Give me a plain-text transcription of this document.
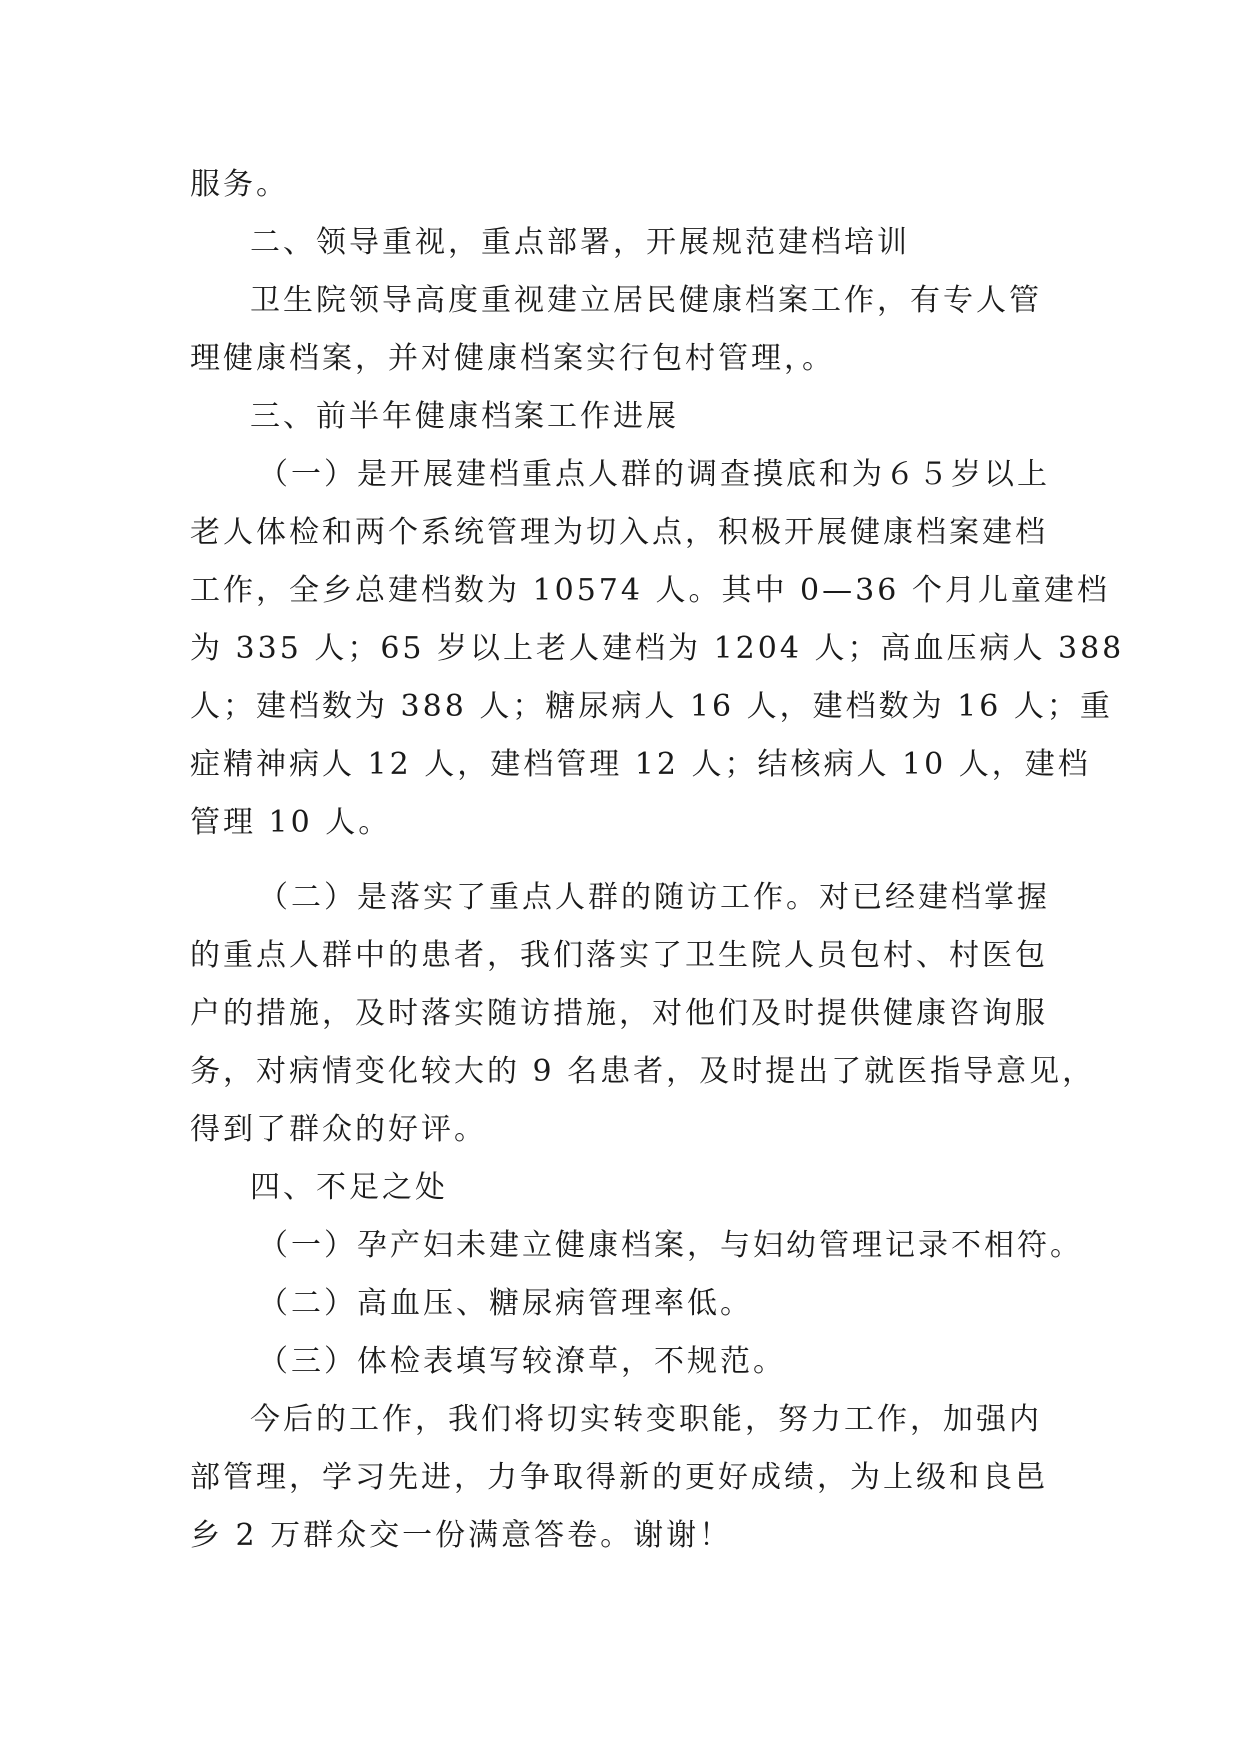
服务。
二、领导重视，重点部署，开展规范建档培训
卫生院领导高度重视建立居民健康档案工作，有专人管
理健康档案，并对健康档案实行包村管理，。
三、前半年健康档案工作进展
（一）是开展建档重点人群的调查摸底和为６５岁以上
老人体检和两个系统管理为切入点，积极开展健康档案建档
工作，全乡总建档数为 10574 人。其中 0—36 个月儿童建档
为 335 人；65 岁以上老人建档为 1204 人；高血压病人 388
人；建档数为 388 人；糖尿病人 16 人，建档数为 16 人；重
症精神病人 12 人，建档管理 12 人；结核病人 10 人，建档
管理 10 人。
（二）是落实了重点人群的随访工作。对已经建档掌握
的重点人群中的患者，我们落实了卫生院人员包村、村医包
户的措施，及时落实随访措施，对他们及时提供健康咨询服
务，对病情变化较大的 9 名患者，及时提出了就医指导意见，
得到了群众的好评。
四、不足之处
（一）孕产妇未建立健康档案，与妇幼管理记录不相符。
（二）高血压、糖尿病管理率低。
（三）体检表填写较潦草，不规范。
今后的工作，我们将切实转变职能，努力工作，加强内
部管理，学习先进，力争取得新的更好成绩，为上级和良邑
乡 2 万群众交一份满意答卷。谢谢！
